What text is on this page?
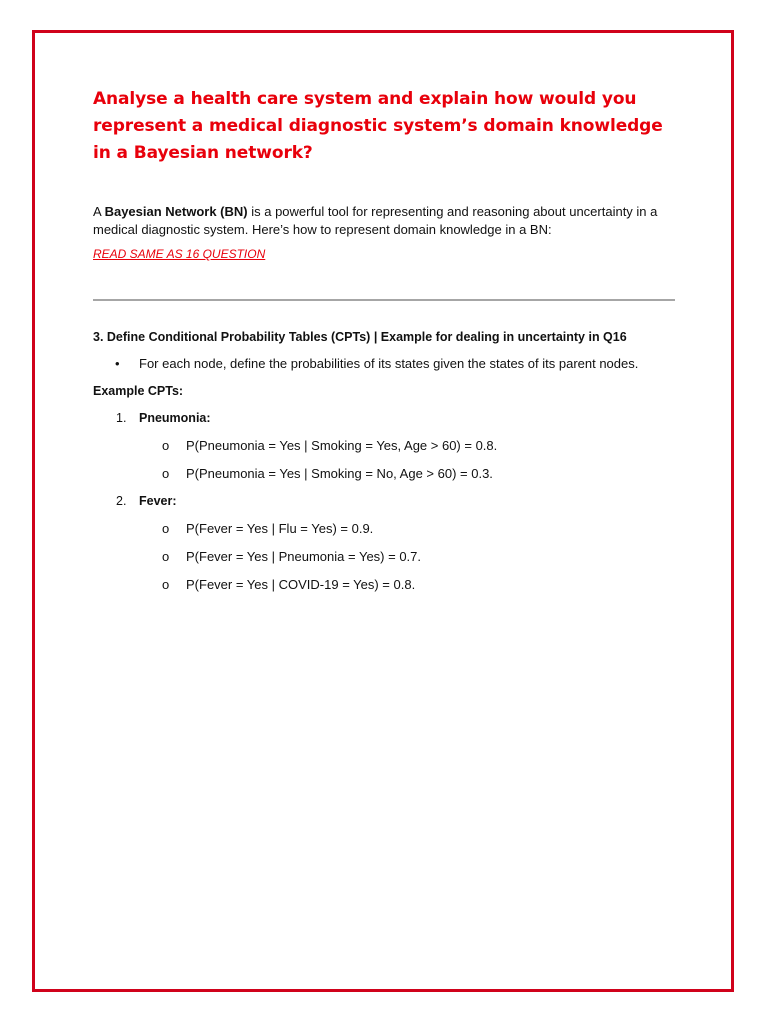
Analyse a health care system and explain how would you represent a medical diagnostic system’s domain knowledge in a Bayesian network?

A Bayesian Network (BN) is a powerful tool for representing and reasoning about uncertainty in a medical diagnostic system. Here’s how to represent domain knowledge in a BN:

READ SAME AS 16 QUESTION
3. Define Conditional Probability Tables (CPTs) | Example for dealing in uncertainty in Q16
• For each node, define the probabilities of its states given the states of its parent nodes.
Example CPTs:
1. Pneumonia:
o P(Pneumonia = Yes | Smoking = Yes, Age > 60) = 0.8.
o P(Pneumonia = Yes | Smoking = No, Age > 60) = 0.3.
2. Fever:
o P(Fever = Yes | Flu = Yes) = 0.9.
o P(Fever = Yes | Pneumonia = Yes) = 0.7.
o P(Fever = Yes | COVID-19 = Yes) = 0.8.
